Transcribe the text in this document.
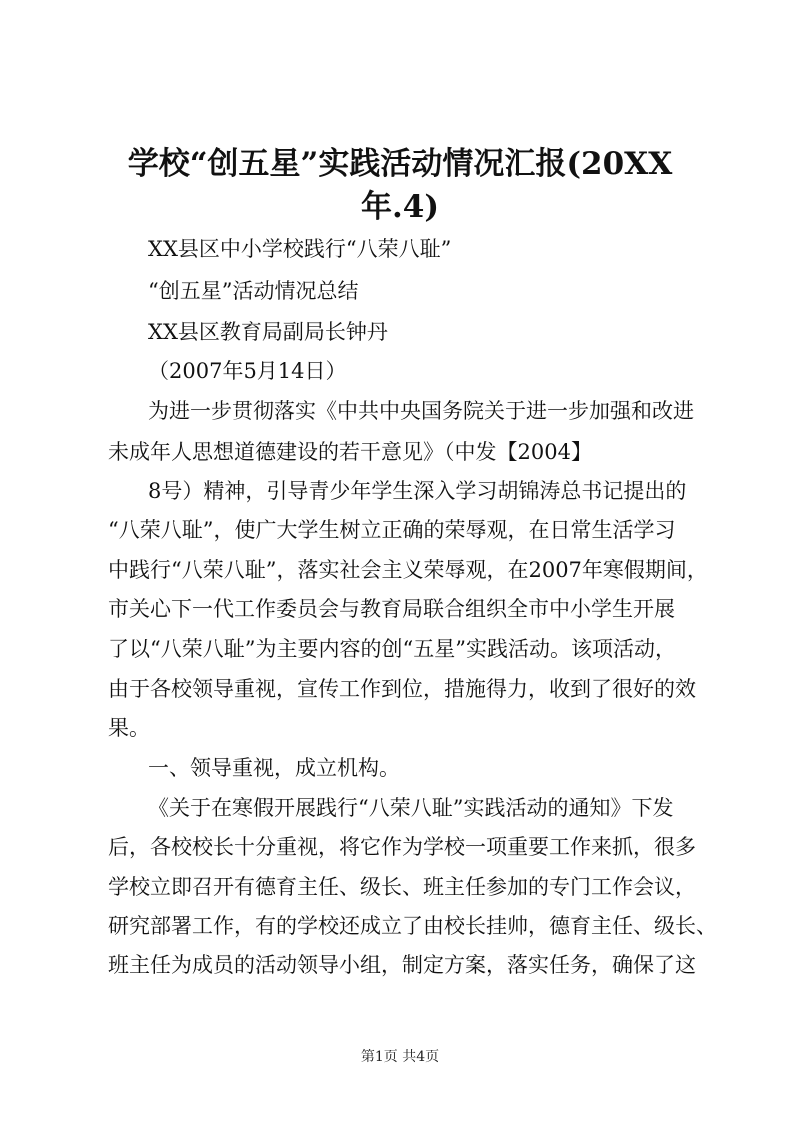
学校“创五星”实践活动情况汇报(20XX
年.4)
XX县区中小学校践行“八荣八耻”
“创五星”活动情况总结
XX县区教育局副局长钟丹
（2007年5月14日）
为进一步贯彻落实《中共中央国务院关于进一步加强和改进
未成年人思想道德建设的若干意见》（中发【2004】
8号）精神，引导青少年学生深入学习胡锦涛总书记提出的
“八荣八耻”，使广大学生树立正确的荣辱观，在日常生活学习
中践行“八荣八耻”，落实社会主义荣辱观，在2007年寒假期间，
市关心下一代工作委员会与教育局联合组织全市中小学生开展
了以“八荣八耻”为主要内容的创“五星”实践活动。该项活动，
由于各校领导重视，宣传工作到位，措施得力，收到了很好的效
果。
一、领导重视，成立机构。
《关于在寒假开展践行“八荣八耻”实践活动的通知》下发
后，各校校长十分重视，将它作为学校一项重要工作来抓，很多
学校立即召开有德育主任、级长、班主任参加的专门工作会议，
研究部署工作，有的学校还成立了由校长挂帅，德育主任、级长、
班主任为成员的活动领导小组，制定方案，落实任务，确保了这
第1页 共4页
